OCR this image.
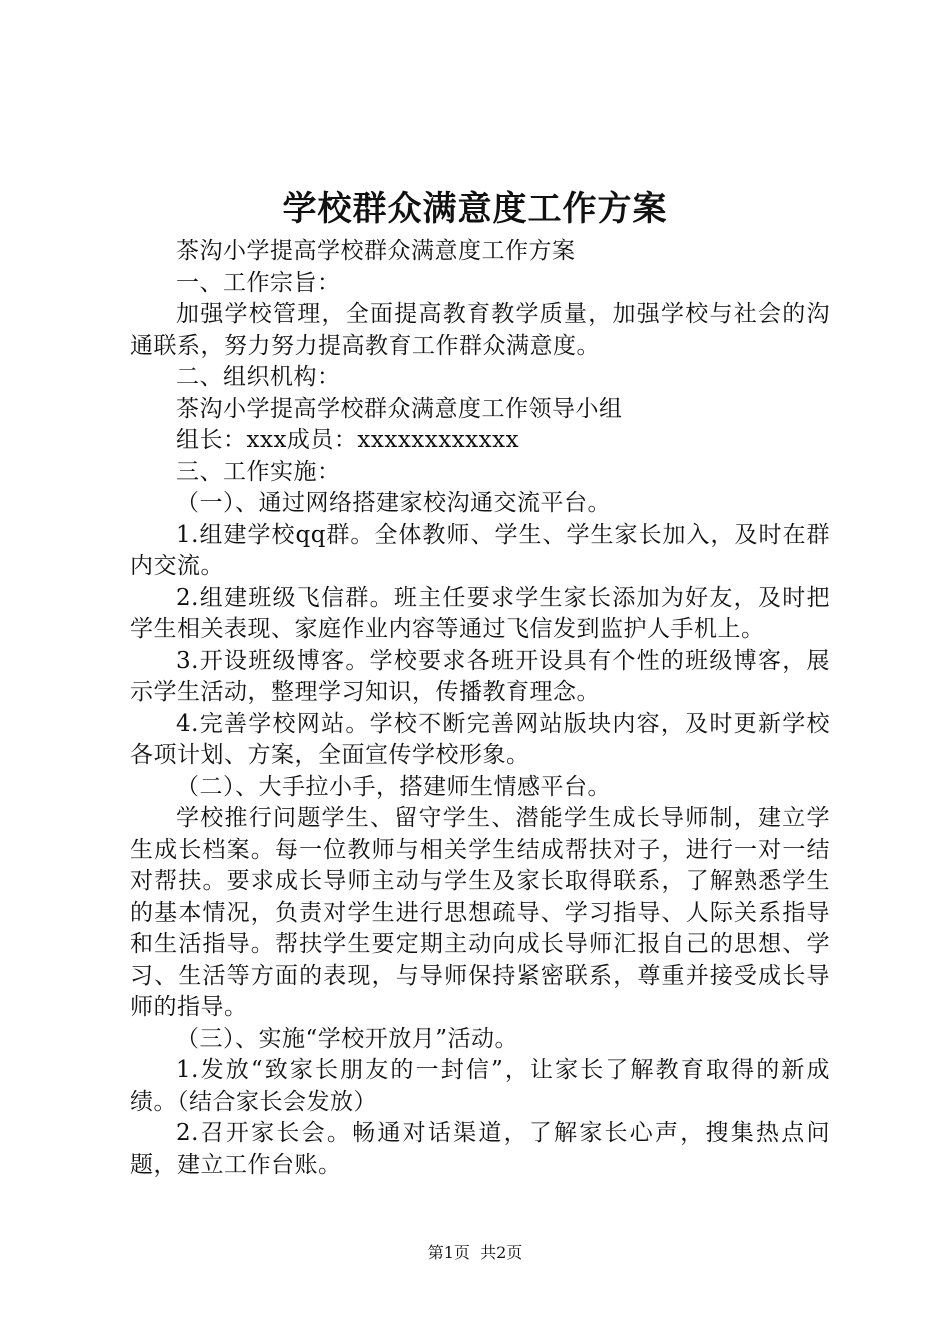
学校群众满意度工作方案

茶沟小学提高学校群众满意度工作方案

一、工作宗旨：

加强学校管理，全面提高教育教学质量，加强学校与社会的沟通联系，努力努力提高教育工作群众满意度。

二、组织机构：

茶沟小学提高学校群众满意度工作领导小组

组长：xxx成员：xxxxxxxxxxxx

三、工作实施：

（一）、通过网络搭建家校沟通交流平台。

1.组建学校qq群。全体教师、学生、学生家长加入，及时在群内交流。

2.组建班级飞信群。班主任要求学生家长添加为好友，及时把学生相关表现、家庭作业内容等通过飞信发到监护人手机上。

3.开设班级博客。学校要求各班开设具有个性的班级博客，展示学生活动，整理学习知识，传播教育理念。

4.完善学校网站。学校不断完善网站版块内容，及时更新学校各项计划、方案，全面宣传学校形象。

（二）、大手拉小手，搭建师生情感平台。

学校推行问题学生、留守学生、潜能学生成长导师制，建立学生成长档案。每一位教师与相关学生结成帮扶对子，进行一对一结对帮扶。要求成长导师主动与学生及家长取得联系，了解熟悉学生的基本情况，负责对学生进行思想疏导、学习指导、人际关系指导和生活指导。帮扶学生要定期主动向成长导师汇报自己的思想、学习、生活等方面的表现，与导师保持紧密联系，尊重并接受成长导师的指导。

（三）、实施“学校开放月”活动。

1.发放“致家长朋友的一封信”，让家长了解教育取得的新成绩。（结合家长会发放）

2.召开家长会。畅通对话渠道，了解家长心声，搜集热点问题，建立工作台账。

第1页  共2页
